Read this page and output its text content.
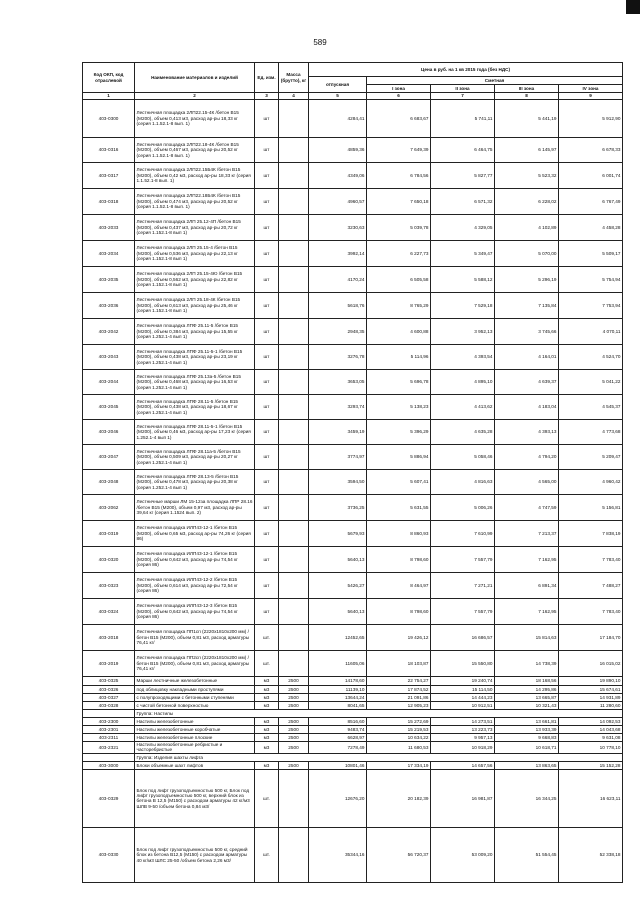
589
Код ОКП, код отраслевой	Наименование материалов и изделий	Ед. изм.	Масса (брутто), кг	Цена в руб. на 1 кв 2015 года (без НДС)				
				отпускная	Сметная			
					I зона	II зона	III зона	IV зона
1	2	3	4	5	6	7	8	9
403-0300	Лестничная площадка 2ЛП22.15-4К /бетон В15 (М200), объем 0,413 м3, расход ар-ры 18,33 кг (серия 1.1.52.1-8 вып. 1)	шт		4284,41	6 683,67	5 741,11	5 441,19	5 912,90
403-0316	Лестничная площадка 2ЛП22.18-4К /бетон В15 (М200), объем 0,467 м3, расход ар-ры 20,52 кг (серия 1.1.52.1-8 вып. 1)	шт		4859,36	7 649,39	6 464,75	6 145,97	6 678,33
403-0317	Лестничная площадка 2ЛП22.15Б4К /бетон В15 (М200), объем 0,42 м3, расход ар-ры 18,33 кг (серия 1.1.52.1-8 вып. 1)	шт		4349,06	6 784,56	5 827,77	5 523,32	6 001,74
403-0318	Лестничная площадка 2ЛП22.18Б4К /бетон В15 (М200), объем 0,474 м3, расход ар-ры 20,52 кг (серия 1.1.52.1-8 вып. 1)	шт		4960,57	7 650,18	6 571,32	6 228,02	6 767,49
403-2033	Лестничная площадка 2ЛП 25.12-4П /бетон В15 (М200), объем 0,437 м3, расход ар-ры 20,72 кг (серия 1.152.1-8 вып 1)	шт		3230,63	5 039,78	4 329,05	4 102,89	4 458,28
403-2034	Лестничная площадка 2ЛП 25.15-4 /бетон В15 (М200), объем 0,536 м3, расход ар-ры 22,13 кг (серия 1.152.1-8 вып 1)	шт		3992,14	6 227,73	5 349,47	5 070,00	5 509,17
403-2035	Лестничная площадка 2ЛП 25.15-4Ю /бетон В15 (М200), объем 0,562 м3, расход ар-ры 22,82 кг (серия 1.152.1-8 вып 1)	шт		4170,24	6 505,58	5 588,12	5 296,19	5 754,94
403-2036	Лестничная площадка 2ЛП 25.18-4К /бетон В15 (М200), объем 0,613 м3, расход ар-ры 25,46 кг (серия 1.152.1-8 вып 1)	шт		5618,76	8 765,29	7 529,18	7 135,84	7 753,94
403-2042	Лестничная площадка ЛПФ 25.11-5 /бетон В15 (М200), объем 0,384 м3, расход ар-ры 15,55 кг (серия 1.252.1-4 вып 1)	шт		2948,35	4 600,88	3 952,13	3 745,66	4 070,11
403-2043	Лестничная площадка ЛПФ 25.11-5-1 /бетон В15 (М200), объем 0,438 м3, расход ар-ры 23,19 кг (серия 1.252.1-4 вып 1)	шт		3276,78	5 114,96	4 393,54	4 164,01	4 524,70
403-2044	Лестничная площадка ЛПФ 25.13а-5 /бетон В15 (М200), объем 0,468 м3, расход ар-ры 16,53 кг (серия 1.252.1-4 вып 1)	шт		3653,05	5 696,78	4 895,10	4 639,37	5 041,22
403-2045	Лестничная площадка ЛПФ 28.11-5 /бетон В15 (М200), объем 0,438 м3, расход ар-ры 18,67 кг (серия 1.252.1-4 вып 1)	шт		3293,74	5 138,23	4 413,62	4 183,04	4 545,37
403-2046	Лестничная площадка ЛПФ 28.11-5-1 /бетон В15 (М200), объем 0,46 м3, расход ар-ры 17,23 кг (серия 1.252.1-4 вып 1)	шт		3459,19	5 396,29	4 635,28	4 393,13	4 773,68
403-2047	Лестничная площадка ЛПФ 28.11а-5 /бетон В15 (М200), объем 0,509 м3, расход ар-ры 20,27 кг (серия 1.252.1-4 вып 1)	шт		3774,97	5 886,94	5 058,46	4 794,20	5 209,47
403-2048	Лестничная площадка ЛПФ 28.13-5 /бетон В15 (М200), объем 0,478 м3, расход ар-ры 20,38 кг (серия 1.252.1-4 вып 1)	шт		3594,50	5 607,41	4 816,63	4 565,00	4 960,42
403-2062	Лестничные марши ЛМ 15-12за площадка ЛПР 28.16 /бетон В15 (М200), объем 0,97 м3, расход ар-ры 39,64 кг (серия 1.1524 вып. 2)	шт		3736,25	5 631,55	5 006,26	4 747,59	5 156,81
403-0319	Лестничная площадка ИЛП43-12-1 /бетон В15 (М200), объем 0,65 м3, расход ар-ры 74,26 кг (серия 86)	шт		5679,93	8 860,93	7 610,99	7 213,37	7 838,19
403-0320	Лестничная площадка ИЛП43-12-1 /бетон В15 (М200), объем 0,642 м3, расход ар-ры 74,54 кг (серия 86)	шт		5640,13	8 798,60	7 557,79	7 162,95	7 783,40
403-0323	Лестничная площадка ИЛП43-12-2 /бетон В15 (М200), объем 0,614 м3, расход ар-ры 72,54 кг (серия 86)	шт		5426,27	8 464,97	7 271,21	6 891,34	7 488,27
403-0324	Лестничная площадка ИЛП43-12-3 /бетон В15 (М200), объем 0,642 м3, расход ар-ры 74,54 кг (серия 86)	шт		5640,13	8 798,60	7 557,79	7 162,95	7 783,40
403-2018	Лестничная площадка ПП1сп (2220х1810х200 мм) /бетон В15 (М200), объем 0,81 м3, расход арматуры 76,41 кг/	шт.		12452,65	19 426,12	16 686,57	15 814,63	17 184,70
403-2019	Лестничная площадка ПП2сп (2220х1810х200 мм) /бетон В15 (М200), объем 0,81 м3, расход арматуры 76,41 кг/	шт.		11605,06	18 103,87	15 550,80	14 738,39	16 015,02
403-0325	Марши лестничные железобетонные	м3	2500	14178,60	22 754,27	19 240,74	18 168,56	19 890,10
403-0326	под облицовку накладными проступями	м3	2500	11139,10	17 874,52	15 114,50	14 295,86	15 674,61
403-0327	с полупроходящими с бетонными ступенями	м3	2500	13644,24	21 091,86	14 444,23	13 665,87	14 931,89
403-0328	с чистой бетонной поверхностью	м3	2500	8041,65	12 905,23	10 912,51	10 321,43	11 280,60
	Группа: Настилы							
403-2300	Настилы железобетонные	м3	2500	8516,60	15 272,69	14 273,51	13 661,81	14 092,53
403-2301	Настилы железобетонные коробчатые	м3	2500	9483,74	15 219,53	13 223,73	13 933,39	14 043,68
403-2311	Настилы железобетонные плоские	м3	2500	6628,97	10 634,22	9 957,13	9 668,83	9 631,08
403-2321	Настилы железобетонные ребристые и часторебристые	м3	2500	7278,49	11 680,53	10 918,29	10 618,71	10 778,10
	Группа: Изделия шахты лифта							
403-3000	Блоки объемные шахт лифтов	м3	2500	10801,46	17 334,19	14 657,56	13 863,65	15 152,28
403-0329	Блок под лифт грузоподъемностью 500 кг, Блок под лифт грузоподъемностью 500 кг, верхний блок из бетона В 12,5 (М150) с расходом арматуры 42 кг/м3 ШЛВ 9-50 /объем бетона 0,84 м3/	шт.		12676,20	20 182,39	16 981,87	16 344,25	16 623,11
403-0330	Блок под лифт грузоподъемностью 500 кг, средний блок из бетона В12,5 (М150) с расходом арматуры 40 кг/м3 ШЛС 25-50 /объем бетона 2,26 м3/	шт.		35344,16	56 720,37	53 009,20	51 554,45	52 338,18
